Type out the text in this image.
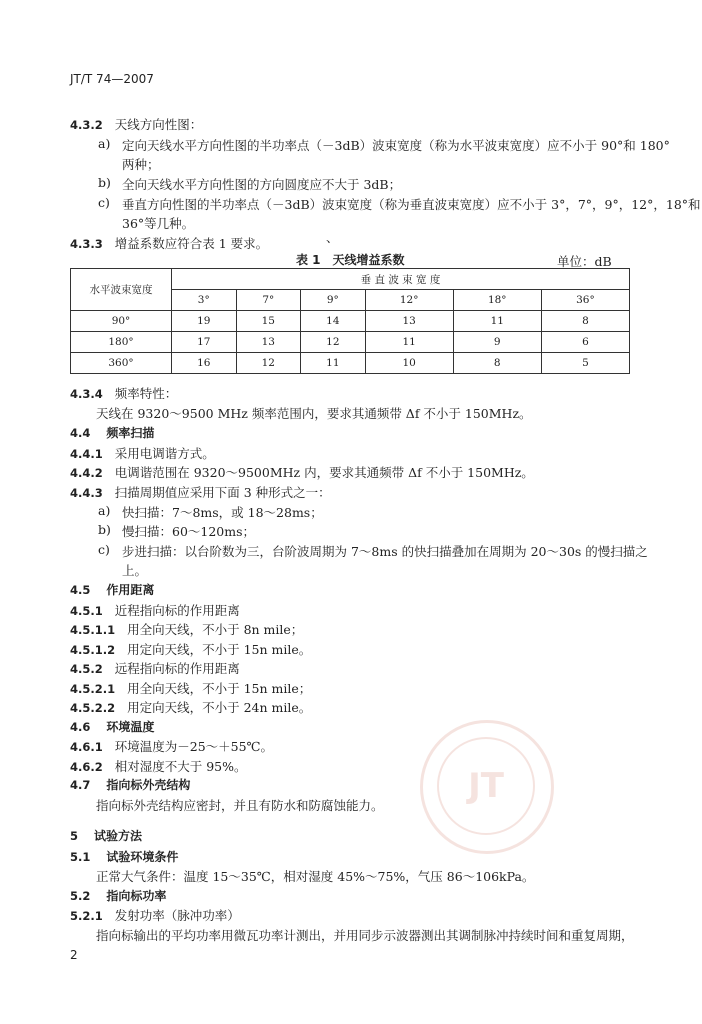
JT/T 74—2007
4.3.2 天线方向性图：
a) 定向天线水平方向性图的半功率点（－3dB）波束宽度（称为水平波束宽度）应不小于 90°和 180°
两种；
b) 全向天线水平方向性图的方向圆度应不大于 3dB；
c) 垂直方向性图的半功率点（－3dB）波束宽度（称为垂直波束宽度）应不小于 3°，7°，9°，12°，18°和
36°等几种。
4.3.3 增益系数应符合表 1 要求。	、
表 1　天线增益系数	单位：dB
水平波束宽度	垂 直 波 束 宽 度					
	3°	7°	9°	12°	18°	36°
90°	19	15	14	13	11	8
180°	17	13	12	11	9	6
360°	16	12	11	10	8	5
4.3.4 频率特性：
天线在 9320～9500 MHz 频率范围内，要求其通频带 Δf 不小于 150MHz。
4.4 频率扫描
4.4.1 采用电调谐方式。
4.4.2 电调谐范围在 9320～9500MHz 内，要求其通频带 Δf 不小于 150MHz。
4.4.3 扫描周期值应采用下面 3 种形式之一：
a) 快扫描：7～8ms，或 18～28ms；
b) 慢扫描：60～120ms；
c) 步进扫描：以台阶数为三，台阶波周期为 7～8ms 的快扫描叠加在周期为 20～30s 的慢扫描之
上。
4.5 作用距离
4.5.1 近程指向标的作用距离
4.5.1.1 用全向天线，不小于 8n mile；
4.5.1.2 用定向天线，不小于 15n mile。
4.5.2 远程指向标的作用距离
4.5.2.1 用全向天线，不小于 15n mile；
4.5.2.2 用定向天线，不小于 24n mile。
4.6 环境温度
4.6.1 环境温度为－25～＋55℃。
4.6.2 相对湿度不大于 95%。
4.7 指向标外壳结构
指向标外壳结构应密封，并且有防水和防腐蚀能力。	JT
5 试验方法
5.1 试验环境条件
正常大气条件：温度 15～35℃，相对湿度 45%～75%，气压 86～106kPa。
5.2 指向标功率
5.2.1 发射功率（脉冲功率）
指向标输出的平均功率用微瓦功率计测出，并用同步示波器测出其调制脉冲持续时间和重复周期，
2
